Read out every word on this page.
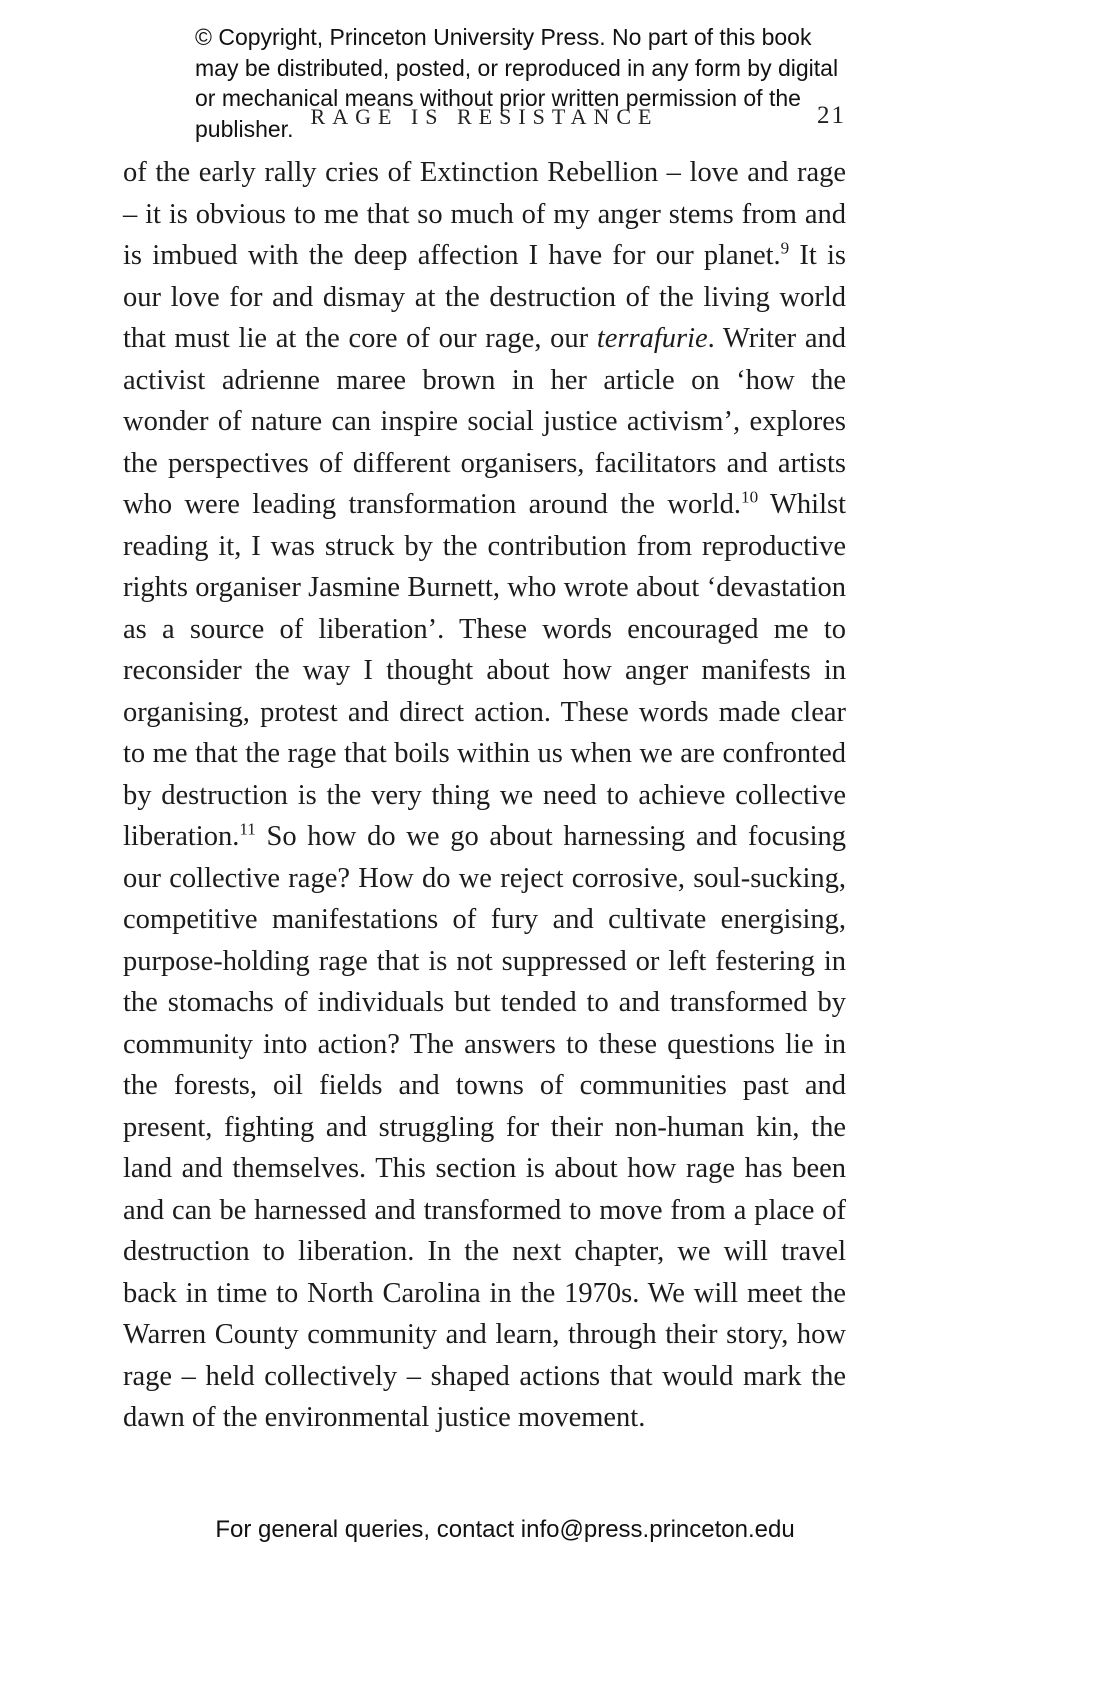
© Copyright, Princeton University Press. No part of this book may be distributed, posted, or reproduced in any form by digital or mechanical means without prior written permission of the publisher. RAGE IS RESISTANCE	21
of the early rally cries of Extinction Rebellion – love and rage – it is obvious to me that so much of my anger stems from and is imbued with the deep affection I have for our planet.$^9$ It is our love for and dismay at the destruction of the living world that must lie at the core of our rage, our terrafurie. Writer and activist adrienne maree brown in her article on ‘how the wonder of nature can inspire social justice activism’, explores the perspectives of different organisers, facilitators and artists who were leading transformation around the world.$^{10}$ Whilst reading it, I was struck by the contribution from reproductive rights organiser Jasmine Burnett, who wrote about ‘devastation as a source of liberation’. These words encouraged me to reconsider the way I thought about how anger manifests in organising, protest and direct action. These words made clear to me that the rage that boils within us when we are confronted by destruction is the very thing we need to achieve collective liberation.$^{11}$ So how do we go about harnessing and focusing our collective rage? How do we reject corrosive, soul-sucking, competitive manifestations of fury and cultivate energising, purpose-holding rage that is not suppressed or left festering in the stomachs of individuals but tended to and transformed by community into action? The answers to these questions lie in the forests, oil fields and towns of communities past and present, fighting and struggling for their non-human kin, the land and themselves. This section is about how rage has been and can be harnessed and transformed to move from a place of destruction to liberation. In the next chapter, we will travel back in time to North Carolina in the 1970s. We will meet the Warren County community and learn, through their story, how rage – held collectively – shaped actions that would mark the dawn of the environmental justice movement.
For general queries, contact info@press.princeton.edu
